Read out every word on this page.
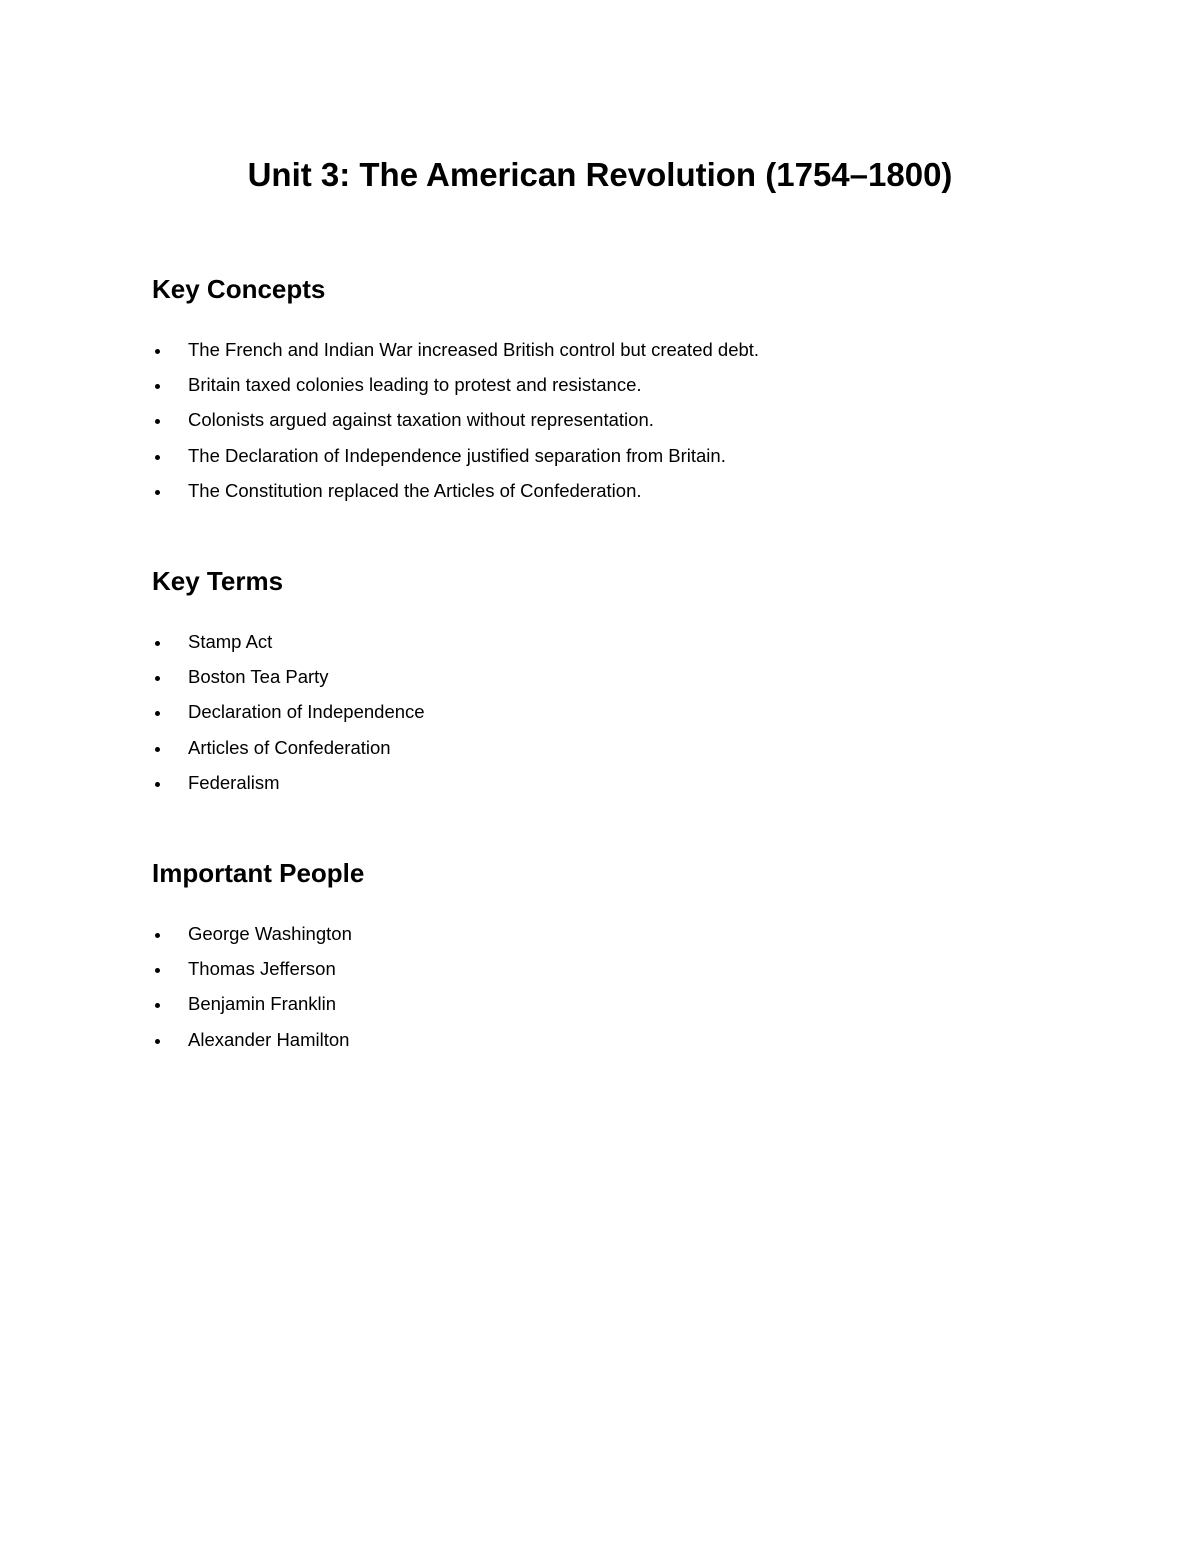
Unit 3: The American Revolution (1754–1800)
Key Concepts
The French and Indian War increased British control but created debt.
Britain taxed colonies leading to protest and resistance.
Colonists argued against taxation without representation.
The Declaration of Independence justified separation from Britain.
The Constitution replaced the Articles of Confederation.
Key Terms
Stamp Act
Boston Tea Party
Declaration of Independence
Articles of Confederation
Federalism
Important People
George Washington
Thomas Jefferson
Benjamin Franklin
Alexander Hamilton
